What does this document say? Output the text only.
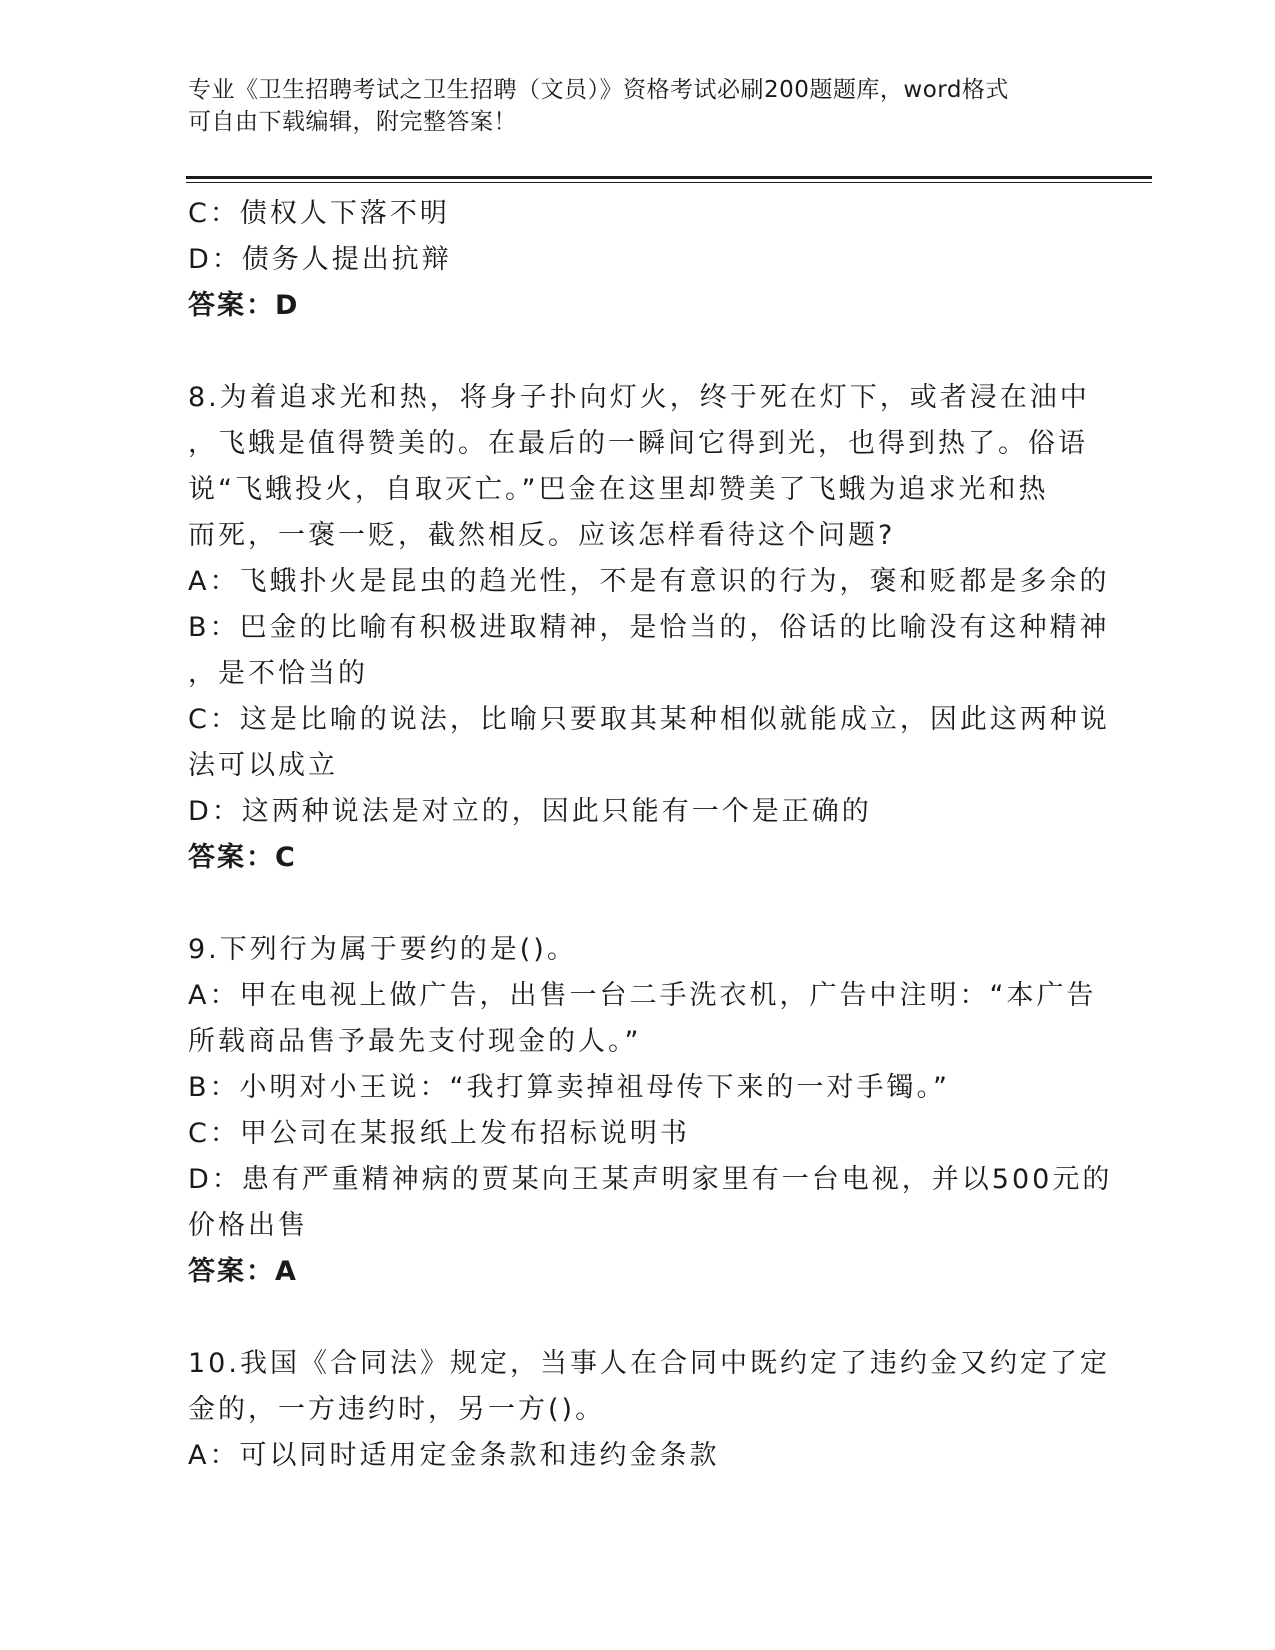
专业《卫生招聘考试之卫生招聘（文员）》资格考试必刷200题题库，word格式
可自由下载编辑，附完整答案！
C：债权人下落不明
D：债务人提出抗辩
答案：D
8.为着追求光和热，将身子扑向灯火，终于死在灯下，或者浸在油中
，飞蛾是值得赞美的。在最后的一瞬间它得到光，也得到热了。俗语
说“飞蛾投火，自取灭亡。”巴金在这里却赞美了飞蛾为追求光和热
而死，一褒一贬，截然相反。应该怎样看待这个问题?
A：飞蛾扑火是昆虫的趋光性，不是有意识的行为，褒和贬都是多余的
B：巴金的比喻有积极进取精神，是恰当的，俗话的比喻没有这种精神
，是不恰当的
C：这是比喻的说法，比喻只要取其某种相似就能成立，因此这两种说
法可以成立
D：这两种说法是对立的，因此只能有一个是正确的
答案：C
9.下列行为属于要约的是()。
A：甲在电视上做广告，出售一台二手洗衣机，广告中注明：“本广告
所载商品售予最先支付现金的人。”
B：小明对小王说：“我打算卖掉祖母传下来的一对手镯。”
C：甲公司在某报纸上发布招标说明书
D：患有严重精神病的贾某向王某声明家里有一台电视，并以500元的
价格出售
答案：A
10.我国《合同法》规定，当事人在合同中既约定了违约金又约定了定
金的，一方违约时，另一方()。
A：可以同时适用定金条款和违约金条款
